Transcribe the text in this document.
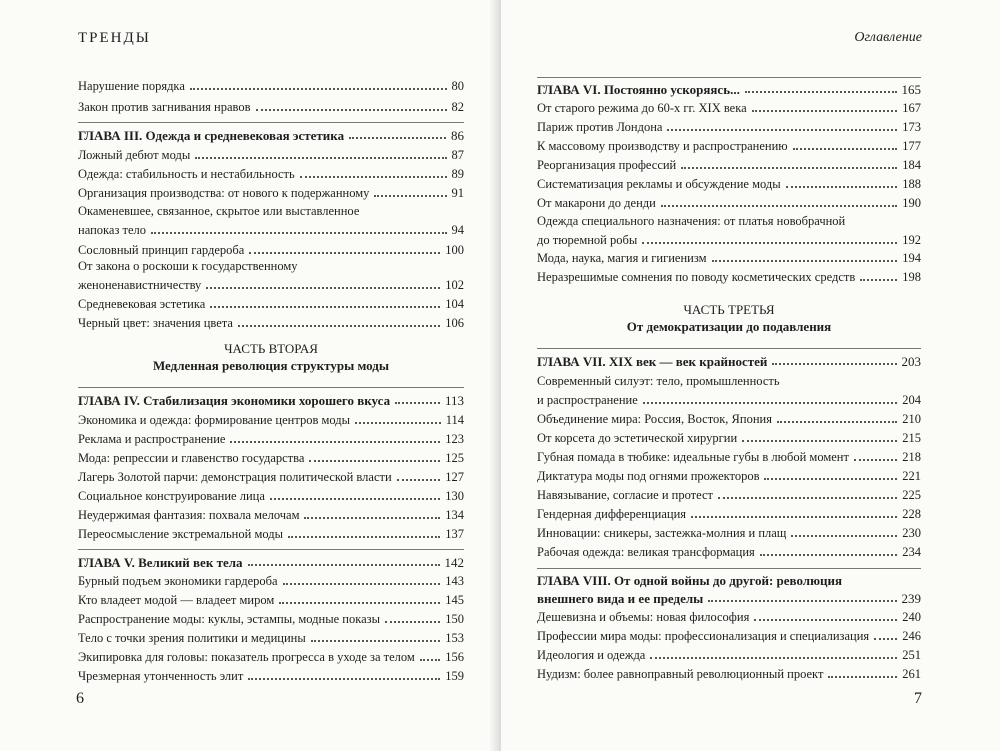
ТРЕНДЫ
Нарушение порядка	80
Закон против загнивания нравов	82
ГЛАВА III. Одежда и средневековая эстетика	86
Ложный дебют моды	87
Одежда: стабильность и нестабильность	89
Организация производства: от нового к подержанному	91
Окаменевшее, связанное, скрытое или выставленное
напоказ тело	94
Сословный принцип гардероба	100
От закона о роскоши к государственному
женоненавистничеству	102
Средневековая эстетика	104
Черный цвет: значения цвета	106
ЧАСТЬ ВТОРАЯ
Медленная революция структуры моды
ГЛАВА IV. Стабилизация экономики хорошего вкуса	113
Экономика и одежда: формирование центров моды	114
Реклама и распространение	123
Мода: репрессии и главенство государства	125
Лагерь Золотой парчи: демонстрация политической власти	127
Социальное конструирование лица	130
Неудержимая фантазия: похвала мелочам	134
Переосмысление экстремальной моды	137
ГЛАВА V. Великий век тела	142
Бурный подъем экономики гардероба	143
Кто владеет модой — владеет миром	145
Распространение моды: куклы, эстампы, модные показы	150
Тело с точки зрения политики и медицины	153
Экипировка для головы: показатель прогресса в уходе за телом 156
Чрезмерная утонченность элит	159
6
Оглавление
ГЛАВА VI. Постоянно ускоряясь...	165
От старого режима до 60-х гг. XIX века	167
Париж против Лондона	173
К массовому производству и распространению	177
Реорганизация профессий	184
Систематизация рекламы и обсуждение моды	188
От макарони до денди	190
Одежда специального назначения: от платья новобрачной
до тюремной робы	192
Мода, наука, магия и гигиенизм	194
Неразрешимые сомнения по поводу косметических средств	198
ЧАСТЬ ТРЕТЬЯ
От демократизации до подавления
ГЛАВА VII. XIX век — век крайностей	203
Современный силуэт: тело, промышленность
и распространение	204
Объединение мира: Россия, Восток, Япония	210
От корсета до эстетической хирургии	215
Губная помада в тюбике: идеальные губы в любой момент	218
Диктатура моды под огнями прожекторов	221
Навязывание, согласие и протест	225
Гендерная дифференциация	228
Инновации: сникеры, застежка-молния и плащ	230
Рабочая одежда: великая трансформация	234
ГЛАВА VIII. От одной войны до другой: революция
внешнего вида и ее пределы	239
Дешевизна и объемы: новая философия	240
Профессии мира моды: профессионализация и специализация	246
Идеология и одежда	251
Нудизм: более равноправный революционный проект	261
7
